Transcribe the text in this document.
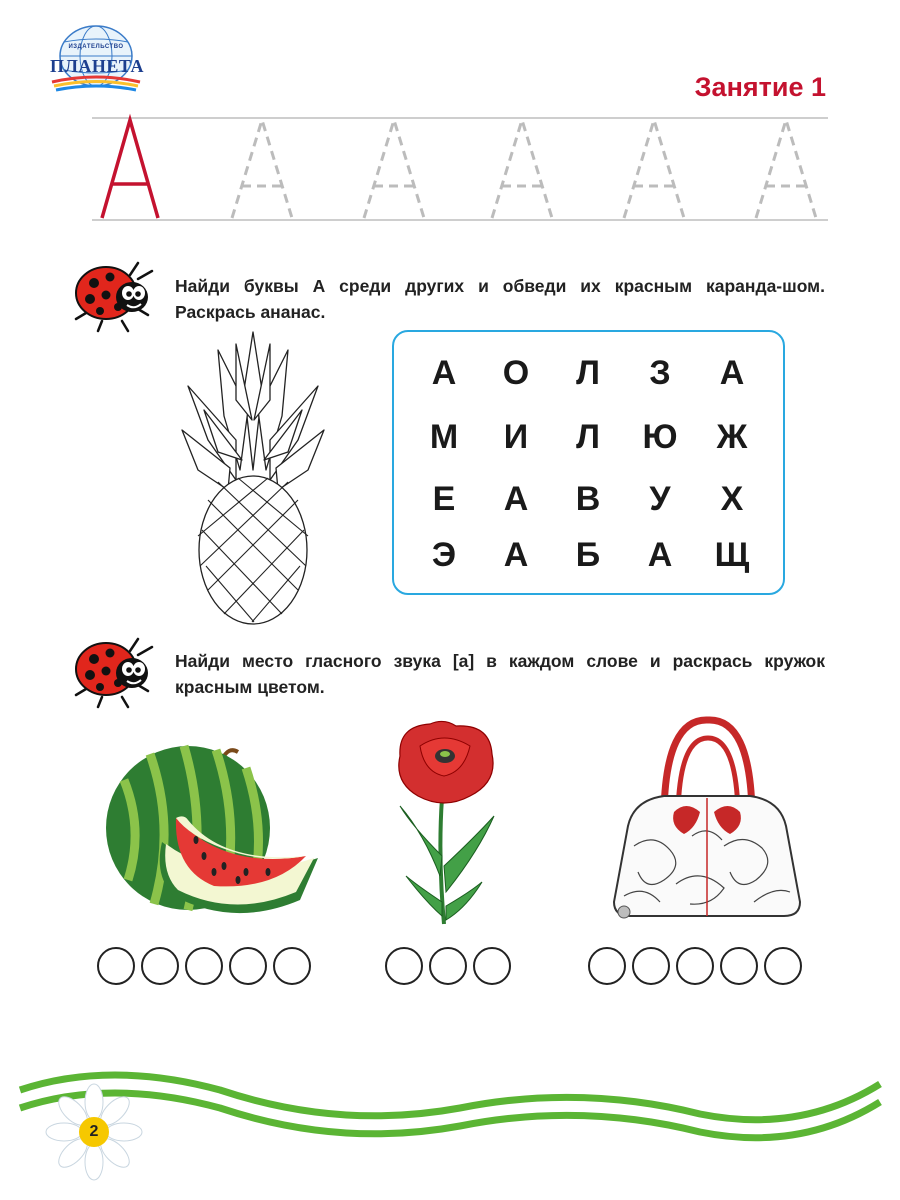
ИЗДАТЕЛЬСТВО
ПЛАНЕТА
Занятие 1
Найди буквы А среди других и обведи их красным каранда-шом. Раскрась ананас.
А	О	Л	З	А
М	И	Л	Ю	Ж
Е	А	В	У	Х
Э	А	Б	А	Щ
Найди место гласного звука [а] в каждом слове и раскрась кружок красным цветом.
2
